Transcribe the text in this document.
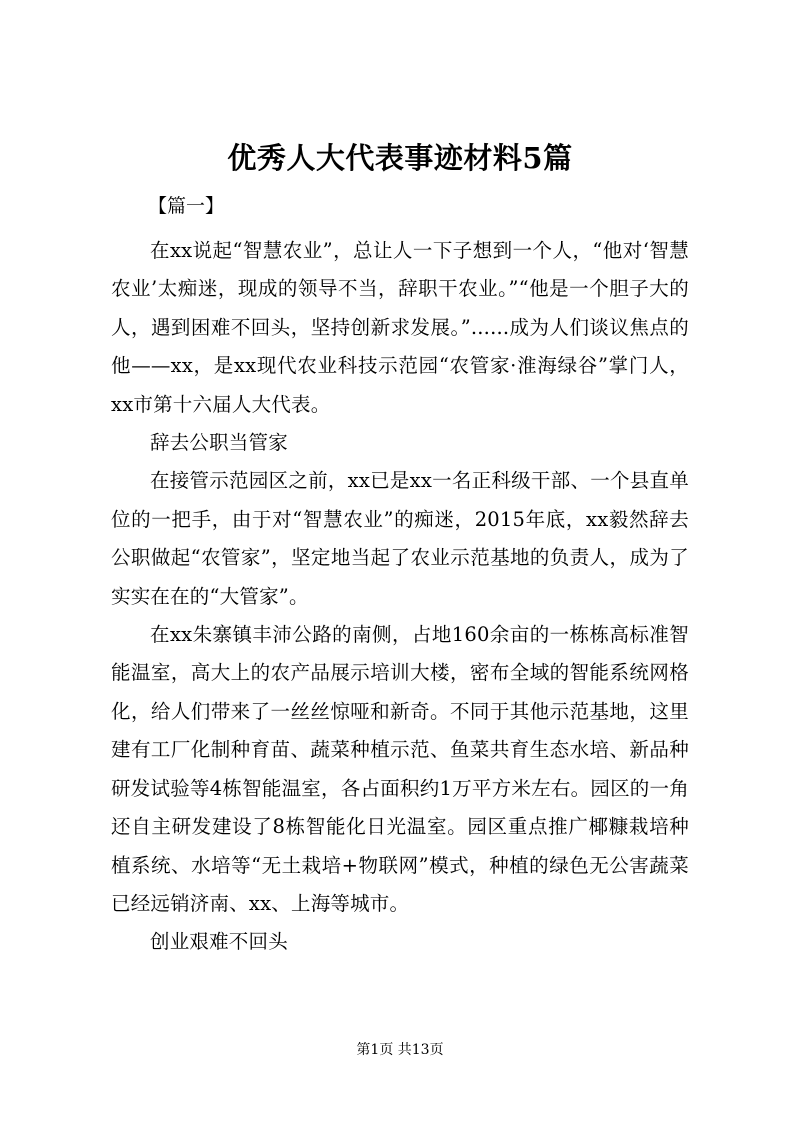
优秀人大代表事迹材料5篇
【篇一】

在xx说起“智慧农业”，总让人一下子想到一个人，“他对‘智慧农业’太痴迷，现成的领导不当，辞职干农业。”“他是一个胆子大的人，遇到困难不回头，坚持创新求发展。”......成为人们谈议焦点的他——xx，是xx现代农业科技示范园“农管家·淮海绿谷”掌门人，xx市第十六届人大代表。

辞去公职当管家

在接管示范园区之前，xx已是xx一名正科级干部、一个县直单位的一把手，由于对“智慧农业”的痴迷，2015年底，xx毅然辞去公职做起“农管家”，坚定地当起了农业示范基地的负责人，成为了实实在在的“大管家”。

在xx朱寨镇丰沛公路的南侧，占地160余亩的一栋栋高标准智能温室，高大上的农产品展示培训大楼，密布全域的智能系统网格化，给人们带来了一丝丝惊哑和新奇。不同于其他示范基地，这里建有工厂化制种育苗、蔬菜种植示范、鱼菜共育生态水培、新品种研发试验等4栋智能温室，各占面积约1万平方米左右。园区的一角还自主研发建设了8栋智能化日光温室。园区重点推广椰糠栽培种植系统、水培等“无土栽培+物联网”模式，种植的绿色无公害蔬菜已经远销济南、xx、上海等城市。

创业艰难不回头

第1页 共13页
